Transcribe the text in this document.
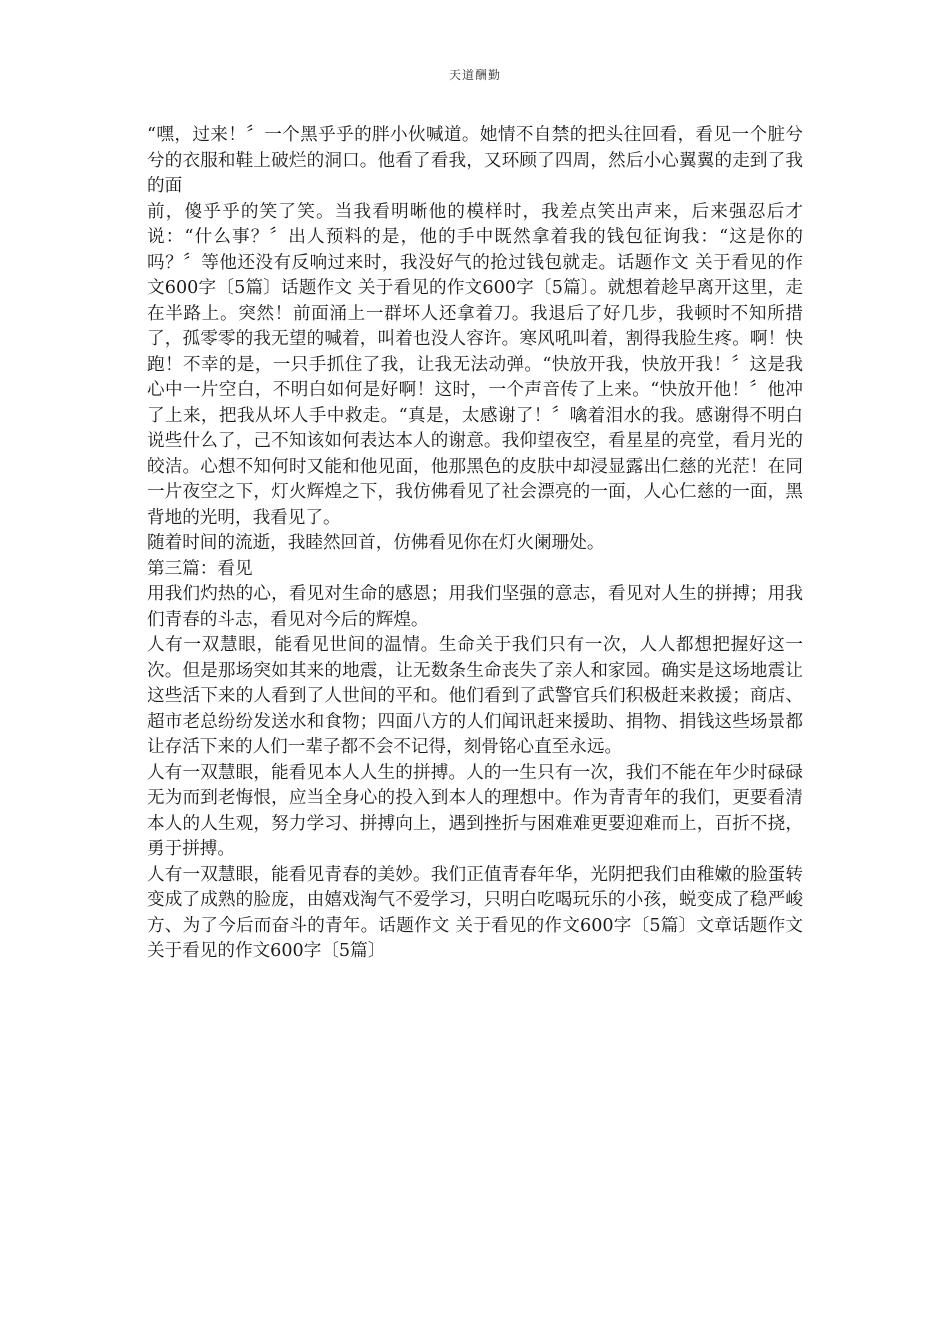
天道酬勤

“嘿，过来！〞一个黑乎乎的胖小伙喊道。她情不自禁的把头往回看，看见一个脏兮兮的衣服和鞋上破烂的洞口。他看了看我，又环顾了四周，然后小心翼翼的走到了我的面

前，傻乎乎的笑了笑。当我看明晰他的模样时，我差点笑出声来，后来强忍后才说：“什么事？〞出人预料的是，他的手中既然拿着我的钱包征询我：“这是你的吗？〞等他还没有反响过来时，我没好气的抢过钱包就走。话题作文 关于看见的作文600字〔5篇〕话题作文 关于看见的作文600字〔5篇〕。就想着趁早离开这里，走在半路上。突然！前面涌上一群坏人还拿着刀。我退后了好几步，我顿时不知所措了，孤零零的我无望的喊着，叫着也没人容许。寒风吼叫着，割得我脸生疼。啊！快跑！不幸的是，一只手抓住了我，让我无法动弹。“快放开我，快放开我！〞这是我心中一片空白，不明白如何是好啊！这时，一个声音传了上来。“快放开他！〞他冲了上来，把我从坏人手中救走。“真是，太感谢了！〞噙着泪水的我。感谢得不明白说些什么了，己不知该如何表达本人的谢意。我仰望夜空，看星星的亮堂，看月光的皎洁。心想不知何时又能和他见面，他那黑色的皮肤中却浸显露出仁慈的光茫！在同一片夜空之下，灯火辉煌之下，我仿佛看见了社会漂亮的一面，人心仁慈的一面，黑背地的光明，我看见了。

随着时间的流逝，我睦然回首，仿佛看见你在灯火阑珊处。

第三篇：看见

用我们灼热的心，看见对生命的感恩；用我们坚强的意志，看见对人生的拼搏；用我们青春的斗志，看见对今后的辉煌。

人有一双慧眼，能看见世间的温情。生命关于我们只有一次，人人都想把握好这一次。但是那场突如其来的地震，让无数条生命丧失了亲人和家园。确实是这场地震让这些活下来的人看到了人世间的平和。他们看到了武警官兵们积极赶来救援；商店、超市老总纷纷发送水和食物；四面八方的人们闻讯赶来援助、捐物、捐钱这些场景都让存活下来的人们一辈子都不会不记得，刻骨铭心直至永远。

人有一双慧眼，能看见本人人生的拼搏。人的一生只有一次，我们不能在年少时碌碌无为而到老悔恨，应当全身心的投入到本人的理想中。作为青青年的我们，更要看清本人的人生观，努力学习、拼搏向上，遇到挫折与困难难更要迎难而上，百折不挠，勇于拼搏。

人有一双慧眼，能看见青春的美妙。我们正值青春年华，光阴把我们由稚嫩的脸蛋转变成了成熟的脸庞，由嬉戏淘气不爱学习，只明白吃喝玩乐的小孩，蜕变成了稳严峻方、为了今后而奋斗的青年。话题作文 关于看见的作文600字〔5篇〕文章话题作文 关于看见的作文600字〔5篇〕
